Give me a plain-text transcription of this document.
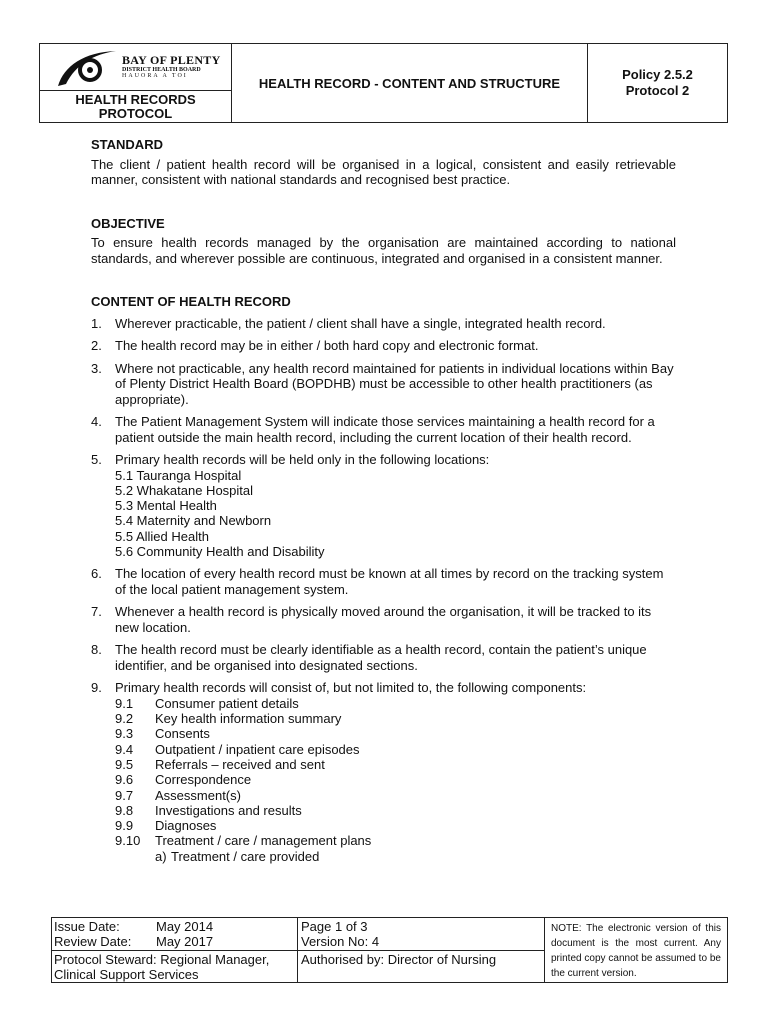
BAY OF PLENTY
DISTRICT HEALTH BOARD
HAUORA A TOI
HEALTH RECORDS
PROTOCOL
HEALTH RECORD - CONTENT AND STRUCTURE
Policy 2.5.2
Protocol 2

STANDARD

The client / patient health record will be organised in a logical, consistent and easily retrievable manner, consistent with national standards and recognised best practice.

OBJECTIVE

To ensure health records managed by the organisation are maintained according to national standards, and wherever possible are continuous, integrated and organised in a consistent manner.

CONTENT OF HEALTH RECORD

1. Wherever practicable, the patient / client shall have a single, integrated health record.
2. The health record may be in either / both hard copy and electronic format.
3. Where not practicable, any health record maintained for patients in individual locations within Bay of Plenty District Health Board (BOPDHB) must be accessible to other health practitioners (as appropriate).
4. The Patient Management System will indicate those services maintaining a health record for a patient outside the main health record, including the current location of their health record.
5. Primary health records will be held only in the following locations:
5.1 Tauranga Hospital
5.2 Whakatane Hospital
5.3 Mental Health
5.4 Maternity and Newborn
5.5 Allied Health
5.6 Community Health and Disability
6. The location of every health record must be known at all times by record on the tracking system of the local patient management system.
7. Whenever a health record is physically moved around the organisation, it will be tracked to its new location.
8. The health record must be clearly identifiable as a health record, contain the patient’s unique identifier, and be organised into designated sections.
9. Primary health records will consist of, but not limited to, the following components:
9.1	Consumer patient details
9.2	Key health information summary
9.3	Consents
9.4	Outpatient / inpatient care episodes
9.5	Referrals – received and sent
9.6	Correspondence
9.7	Assessment(s)
9.8	Investigations and results
9.9	Diagnoses
9.10	Treatment / care / management plans
a) Treatment / care provided
Issue Date:	May 2014
Review Date: May 2017
Page 1 of 3
Version No: 4
Protocol Steward: Regional Manager, Clinical Support Services
Authorised by: Director of Nursing
NOTE: The electronic version of this document is the most current. Any printed copy cannot be assumed to be the current version.
